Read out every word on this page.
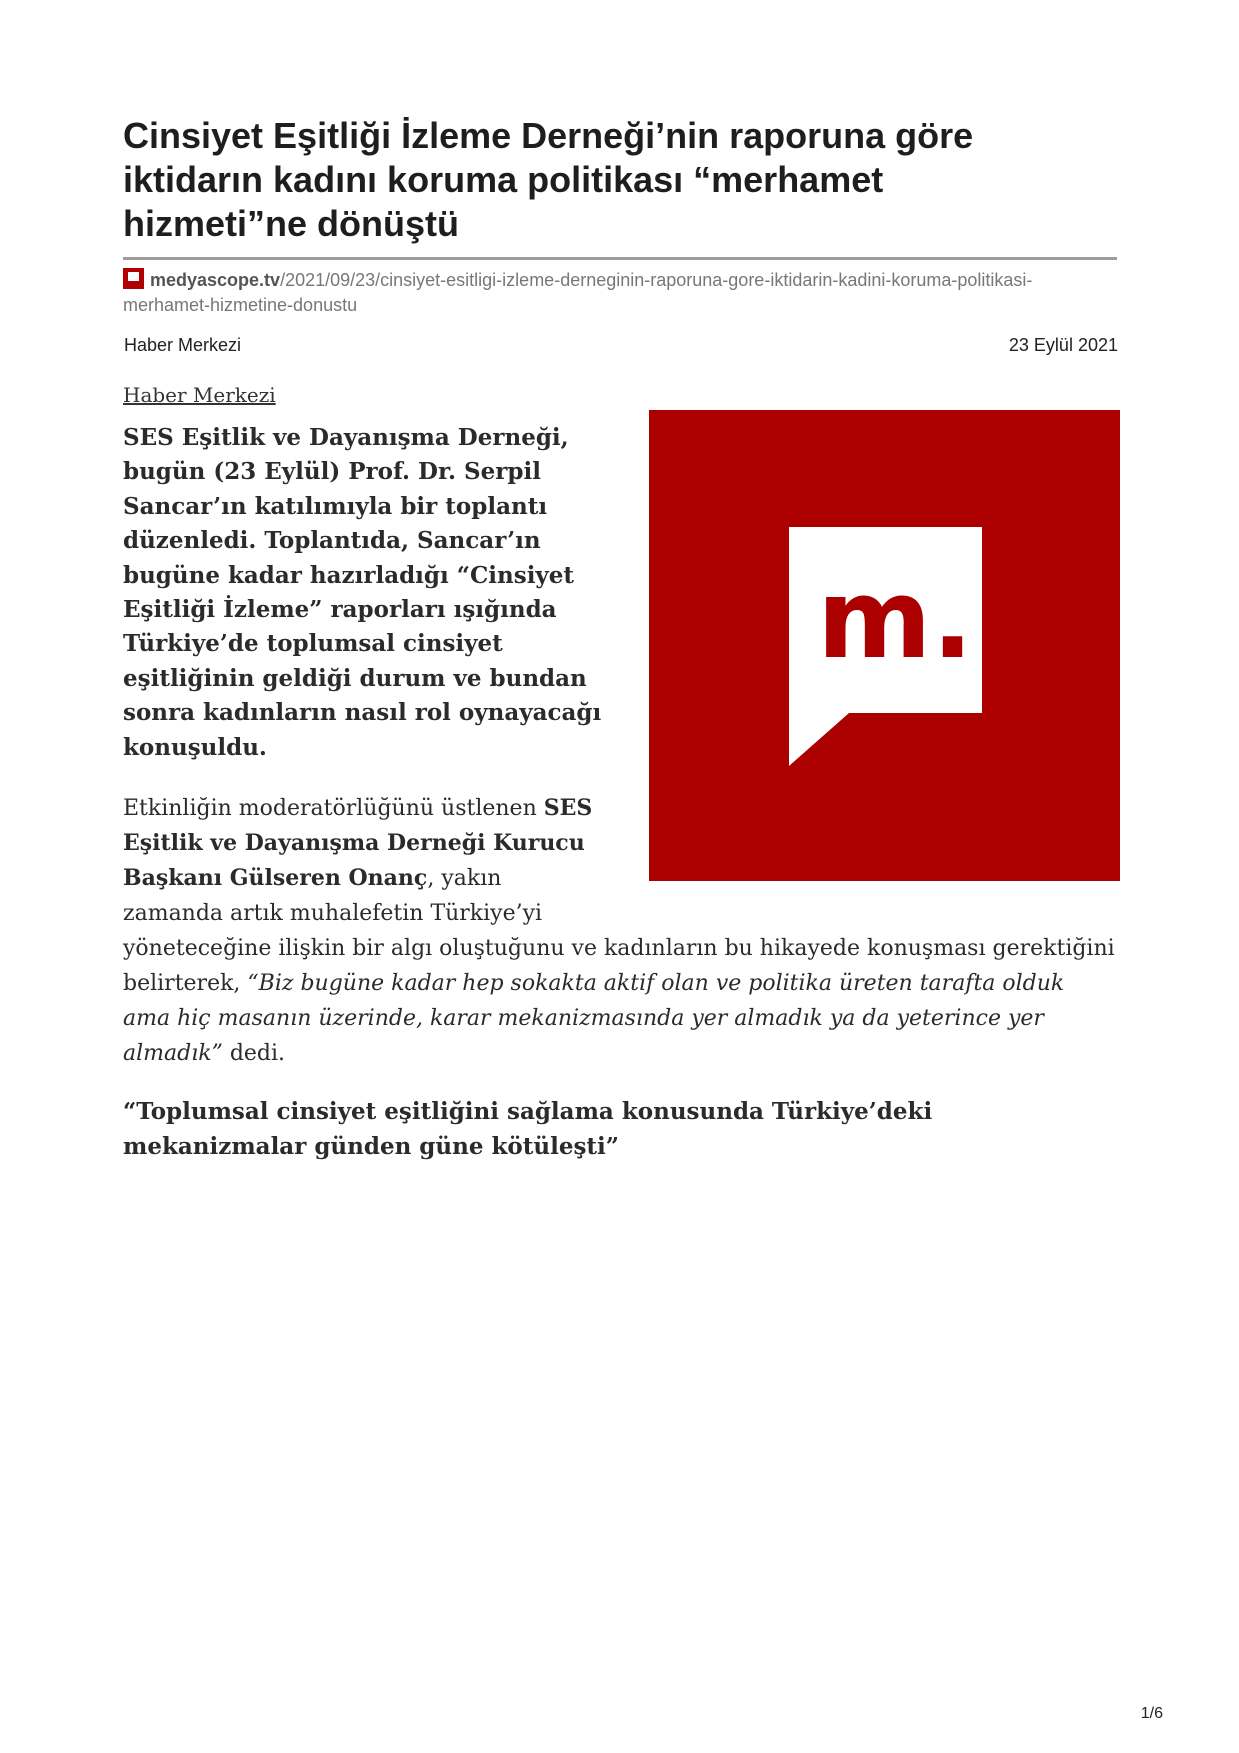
Cinsiyet Eşitliği İzleme Derneği’nin raporuna göre
iktidarın kadını koruma politikası “merhamet
hizmeti”ne dönüştü
medyascope.tv/2021/09/23/cinsiyet-esitligi-izleme-derneginin-raporuna-gore-iktidarin-kadini-koruma-politikasi-
merhamet-hizmetine-donustu
Haber Merkezi	23 Eylül 2021
Haber Merkezi
m.

SES Eşitlik ve Dayanışma Derneği,
bugün (23 Eylül) Prof. Dr. Serpil
Sancar’ın katılımıyla bir toplantı
düzenledi. Toplantıda, Sancar’ın
bugüne kadar hazırladığı “Cinsiyet
Eşitliği İzleme” raporları ışığında
Türkiye’de toplumsal cinsiyet
eşitliğinin geldiği durum ve bundan
sonra kadınların nasıl rol oynayacağı
konuşuldu.

Etkinliğin moderatörlüğünü üstlenen SES
Eşitlik ve Dayanışma Derneği Kurucu
Başkanı Gülseren Onanç, yakın
zamanda artık muhalefetin Türkiye’yi
yöneteceğine ilişkin bir algı oluştuğunu ve kadınların bu hikayede konuşması gerektiğini
belirterek, “Biz bugüne kadar hep sokakta aktif olan ve politika üreten tarafta olduk
ama hiç masanın üzerinde, karar mekanizmasında yer almadık ya da yeterince yer
almadık” dedi.

“Toplumsal cinsiyet eşitliğini sağlama konusunda Türkiye’deki
mekanizmalar günden güne kötüleşti”
1/6
